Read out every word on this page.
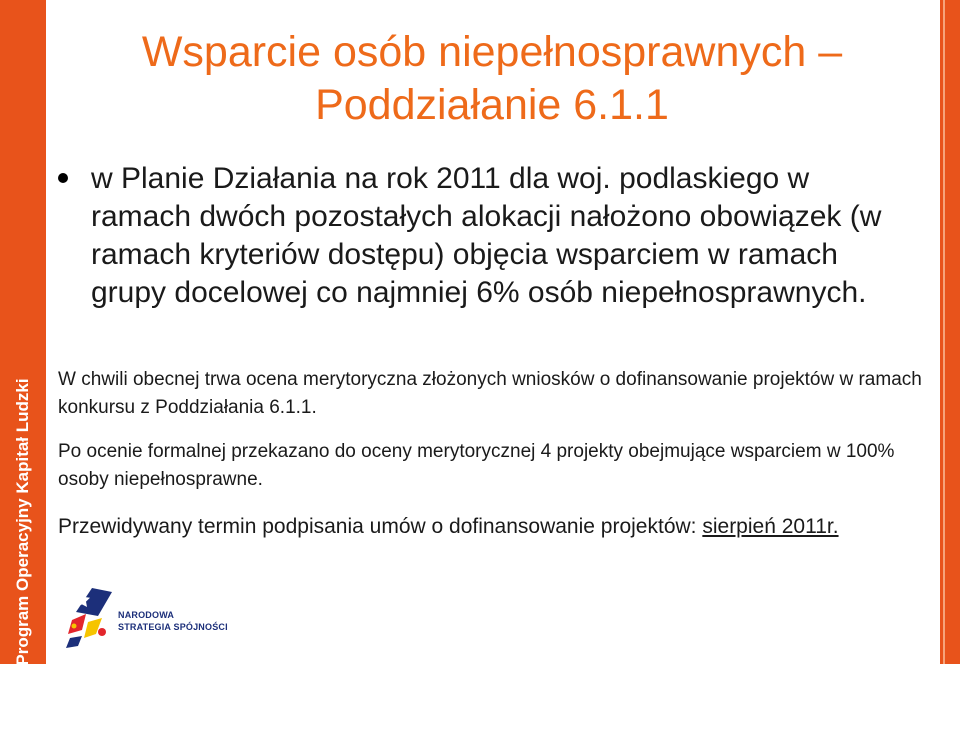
Program Operacyjny Kapitał Ludzki
Wsparcie osób niepełnosprawnych –
Poddziałanie 6.1.1

w Planie Działania na rok 2011 dla woj. podlaskiego w ramach dwóch pozostałych alokacji nałożono obowiązek (w ramach kryteriów dostępu) objęcia wsparciem w ramach grupy docelowej co najmniej 6% osób niepełnosprawnych.

W chwili obecnej trwa ocena merytoryczna złożonych wniosków o dofinansowanie projektów w ramach konkursu z Poddziałania 6.1.1.

Po ocenie formalnej przekazano do oceny merytorycznej 4 projekty obejmujące wsparciem w 100% osoby niepełnosprawne.

Przewidywany termin podpisania umów o dofinansowanie projektów: sierpień 2011r.

NARODOWA
STRATEGIA SPÓJNOŚCI
